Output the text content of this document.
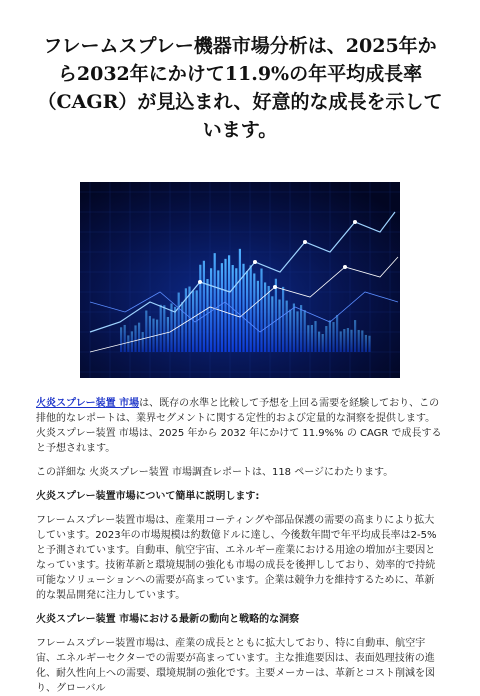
フレームスプレー機器市場分析は、2025年から2032年にかけて11.9%の年平均成長率（CAGR）が見込まれ、好意的な成長を示しています。

火炎スプレー装置 市場は、既存の水準と比較して予想を上回る需要を経験しており、この排他的なレポートは、業界セグメントに関する定性的および定量的な洞察を提供します。 火炎スプレー装置 市場は、2025 年から 2032 年にかけて 11.9%% の CAGR で成長すると予想されます。

この詳細な 火炎スプレー装置 市場調査レポートは、118 ページにわたります。

火炎スプレー装置市場について簡単に説明します:

フレームスプレー装置市場は、産業用コーティングや部品保護の需要の高まりにより拡大しています。2023年の市場規模は約数億ドルに達し、今後数年間で年平均成長率は2-5%と予測されています。自動車、航空宇宙、エネルギー産業における用途の増加が主要因となっています。技術革新と環境規制の強化も市場の成長を後押ししており、効率的で持続可能なソリューションへの需要が高まっています。企業は競争力を維持するために、革新的な製品開発に注力しています。

火炎スプレー装置 市場における最新の動向と戦略的な洞察

フレームスプレー装置市場は、産業の成長とともに拡大しており、特に自動車、航空宇宙、エネルギーセクターでの需要が高まっています。主な推進要因は、表面処理技術の進化、耐久性向上への需要、環境規制の強化です。主要メーカーは、革新とコスト削減を図り、グローバル
